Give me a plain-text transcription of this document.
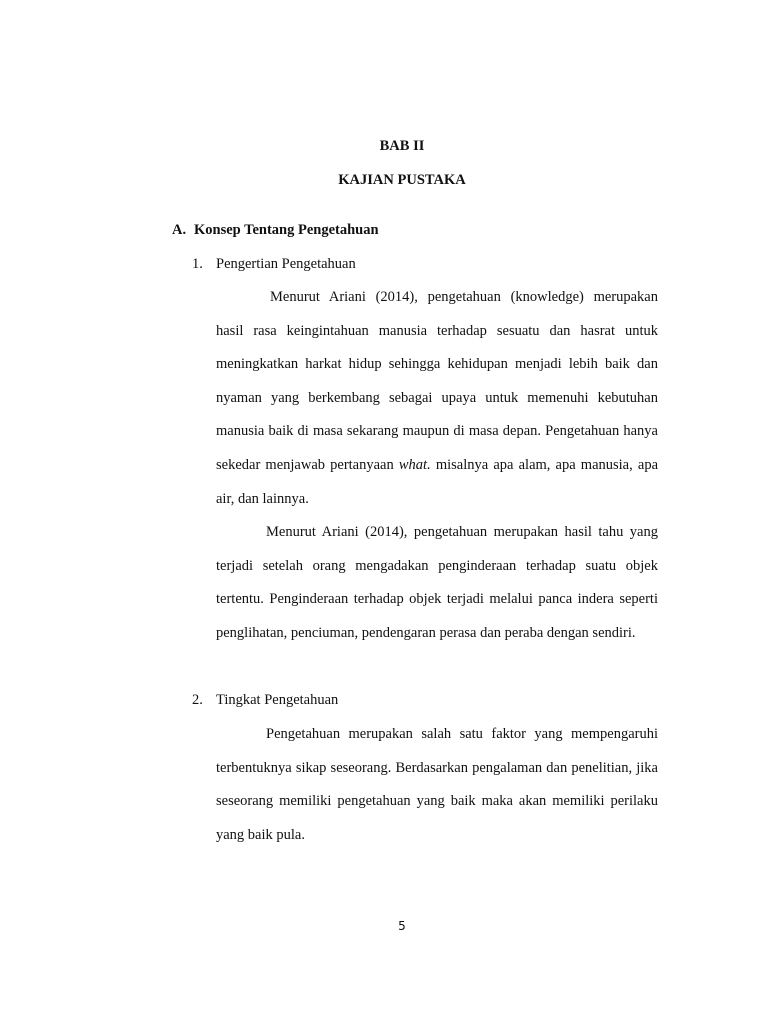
BAB II

KAJIAN PUSTAKA

A. Konsep Tentang Pengetahuan

1. Pengertian Pengetahuan

Menurut Ariani (2014), pengetahuan (knowledge) merupakan hasil rasa keingintahuan manusia terhadap sesuatu dan hasrat untuk meningkatkan harkat hidup sehingga kehidupan menjadi lebih baik dan nyaman yang berkembang sebagai upaya untuk memenuhi kebutuhan manusia baik di masa sekarang maupun di masa depan. Pengetahuan hanya sekedar menjawab pertanyaan what. misalnya apa alam, apa manusia, apa air, dan lainnya.

Menurut Ariani (2014), pengetahuan merupakan hasil tahu yang terjadi setelah orang mengadakan penginderaan terhadap suatu objek tertentu. Penginderaan terhadap objek terjadi melalui panca indera seperti penglihatan, penciuman, pendengaran perasa dan peraba dengan sendiri.

2. Tingkat Pengetahuan

Pengetahuan merupakan salah satu faktor yang mempengaruhi terbentuknya sikap seseorang. Berdasarkan pengalaman dan penelitian, jika seseorang memiliki pengetahuan yang baik maka akan memiliki perilaku yang baik pula.

5
